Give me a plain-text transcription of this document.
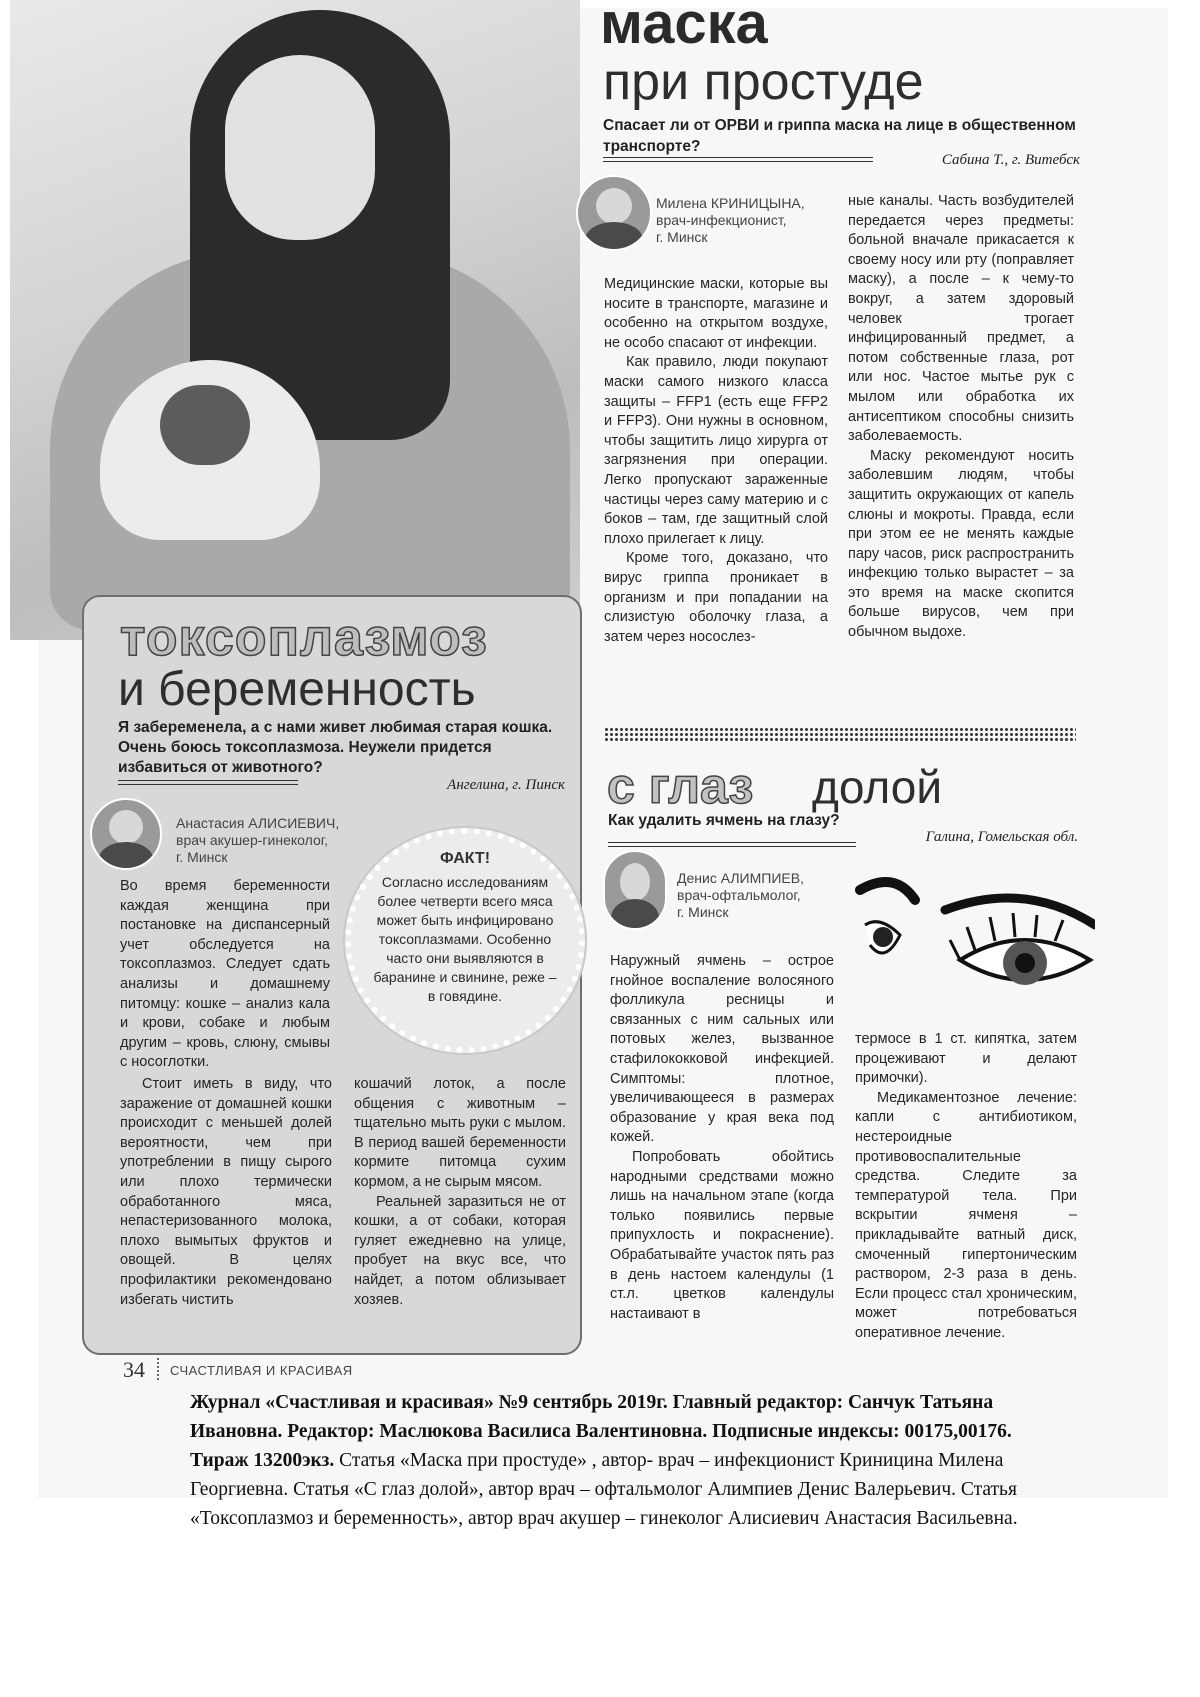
токсоплазмоз
и беременность
Я забеременела, а с нами живет любимая старая кошка. Очень боюсь токсоплазмоза. Неужели придется избавиться от животного?
Ангелина, г. Пинск
Анастасия АЛИСИЕВИЧ,
врач акушер-гинеколог,
г. Минск

Во время беременности каждая женщина при постановке на диспансерный учет обследуется на токсоплазмоз. Следует сдать анализы и домашнему питомцу: кошке – анализ кала и крови, собаке и любым другим – кровь, слюну, смывы с носоглотки.

Стоит иметь в виду, что заражение от домашней кошки происходит с меньшей долей вероятности, чем при употреблении в пищу сырого или плохо термически обработанного мяса, непастеризованного молока, плохо вымытых фруктов и овощей. В целях профилактики рекомендовано избегать чистить

кошачий лоток, а после общения с животным – тщательно мыть руки с мылом. В период вашей беременности кормите питомца сухим кормом, а не сырым мясом.

Реальней заразиться не от кошки, а от собаки, которая гуляет ежедневно на улице, пробует на вкус все, что найдет, а потом облизывает хозяев.

ФАКТ!
Согласно исследованиям более четверти всего мяса может быть инфицировано токсоплазмами. Особенно часто они выявляются в баранине и свинине, реже – в говядине.
маска
при простуде
Спасает ли от ОРВИ и гриппа маска на лице в общественном транспорте?
Сабина Т., г. Витебск
Милена КРИНИЦЫНА,
врач-инфекционист,
г. Минск

Медицинские маски, которые вы носите в транспорте, магазине и особенно на открытом воздухе, не особо спасают от инфекции.

Как правило, люди покупают маски самого низкого класса защиты – FFP1 (есть еще FFP2 и FFP3). Они нужны в основном, чтобы защитить лицо хирурга от загрязнения при операции. Легко пропускают зараженные частицы через саму материю и с боков – там, где защитный слой плохо прилегает к лицу.

Кроме того, доказано, что вирус гриппа проникает в организм и при попадании на слизистую оболочку глаза, а затем через носослез-

ные каналы. Часть возбудителей передается через предметы: больной вначале прикасается к своему носу или рту (поправляет маску), а после – к чему-то вокруг, а затем здоровый человек трогает инфицированный предмет, а потом собственные глаза, рот или нос. Частое мытье рук с мылом или обработка их антисептиком способны снизить заболеваемость.

Маску рекомендуют носить заболевшим людям, чтобы защитить окружающих от капель слюны и мокроты. Правда, если при этом ее не менять каждые пару часов, риск распространить инфекцию только вырастет – за это время на маске скопится больше вирусов, чем при обычном выдохе.

с глаз долой
Как удалить ячмень на глазу?
Галина, Гомельская обл.
Денис АЛИМПИЕВ,
врач-офтальмолог,
г. Минск

Наружный ячмень – острое гнойное воспаление волосяного фолликула ресницы и связанных с ним сальных или потовых желез, вызванное стафилококковой инфекцией. Симптомы: плотное, увеличивающееся в размерах образование у края века под кожей.

Попробовать обойтись народными средствами можно лишь на начальном этапе (когда только появились первые припухлость и покраснение). Обрабатывайте участок пять раз в день настоем календулы (1 ст.л. цветков календулы настаивают в

термосе в 1 ст. кипятка, затем процеживают и делают примочки).

Медикаментозное лечение: капли с антибиотиком, нестероидные противовоспалительные средства. Следите за температурой тела. При вскрытии ячменя – прикладывайте ватный диск, смоченный гипертоническим раствором, 2-3 раза в день. Если процесс стал хроническим, может потребоваться оперативное лечение.

34 СЧАСТЛИВАЯ И КРАСИВАЯ
Журнал «Счастливая и красивая» №9 сентябрь 2019г. Главный редактор: Санчук Татьяна Ивановна. Редактор: Маслюкова Василиса Валентиновна. Подписные индексы: 00175,00176. Тираж 13200экз. Статья «Маска при простуде» , автор- врач – инфекционист Криницина Милена Георгиевна. Статья «С глаз долой», автор врач – офтальмолог Алимпиев Денис Валерьевич. Статья «Токсоплазмоз и беременность», автор врач акушер – гинеколог Алисиевич Анастасия Васильевна.
